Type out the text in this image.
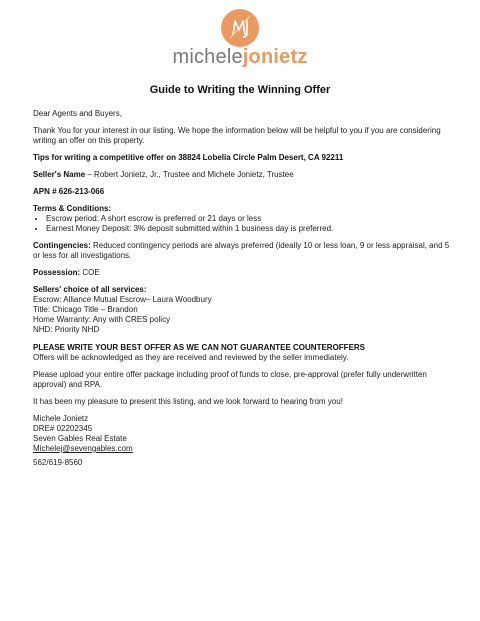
michelejonietz
Guide to Writing the Winning Offer

Dear Agents and Buyers,

Thank You for your interest in our listing. We hope the information below will be helpful to you if you are considering writing an offer on this property.

Tips for writing a competitive offer on 38824 Lobelia Circle Palm Desert, CA 92211

Seller's Name – Robert Jonietz, Jr., Trustee and Michele Jonietz, Trustee

APN # 626-213-066

Terms & Conditions:
• Escrow period: A short escrow is preferred or 21 days or less
• Earnest Money Deposit: 3% deposit submitted within 1 business day is preferred.

Contingencies: Reduced contingency periods are always preferred (ideally 10 or less loan, 9 or less appraisal, and 5 or less for all investigations.

Possession: COE

Sellers' choice of all services:
Escrow: Alliance Mutual Escrow– Laura Woodbury
Title: Chicago Title – Brandon
Home Warranty: Any with CRES policy
NHD: Priority NHD
PLEASE WRITE YOUR BEST OFFER AS WE CAN NOT GUARANTEE COUNTEROFFERS

Offers will be acknowledged as they are received and reviewed by the seller immediately.

Please upload your entire offer package including proof of funds to close, pre-approval (prefer fully underwritten approval) and RPA.

It has been my pleasure to present this listing, and we look forward to hearing from you!

Michele Jonietz
DRE# 02202345
Seven Gables Real Estate
Michelej@sevengables.com
562/619-8560
